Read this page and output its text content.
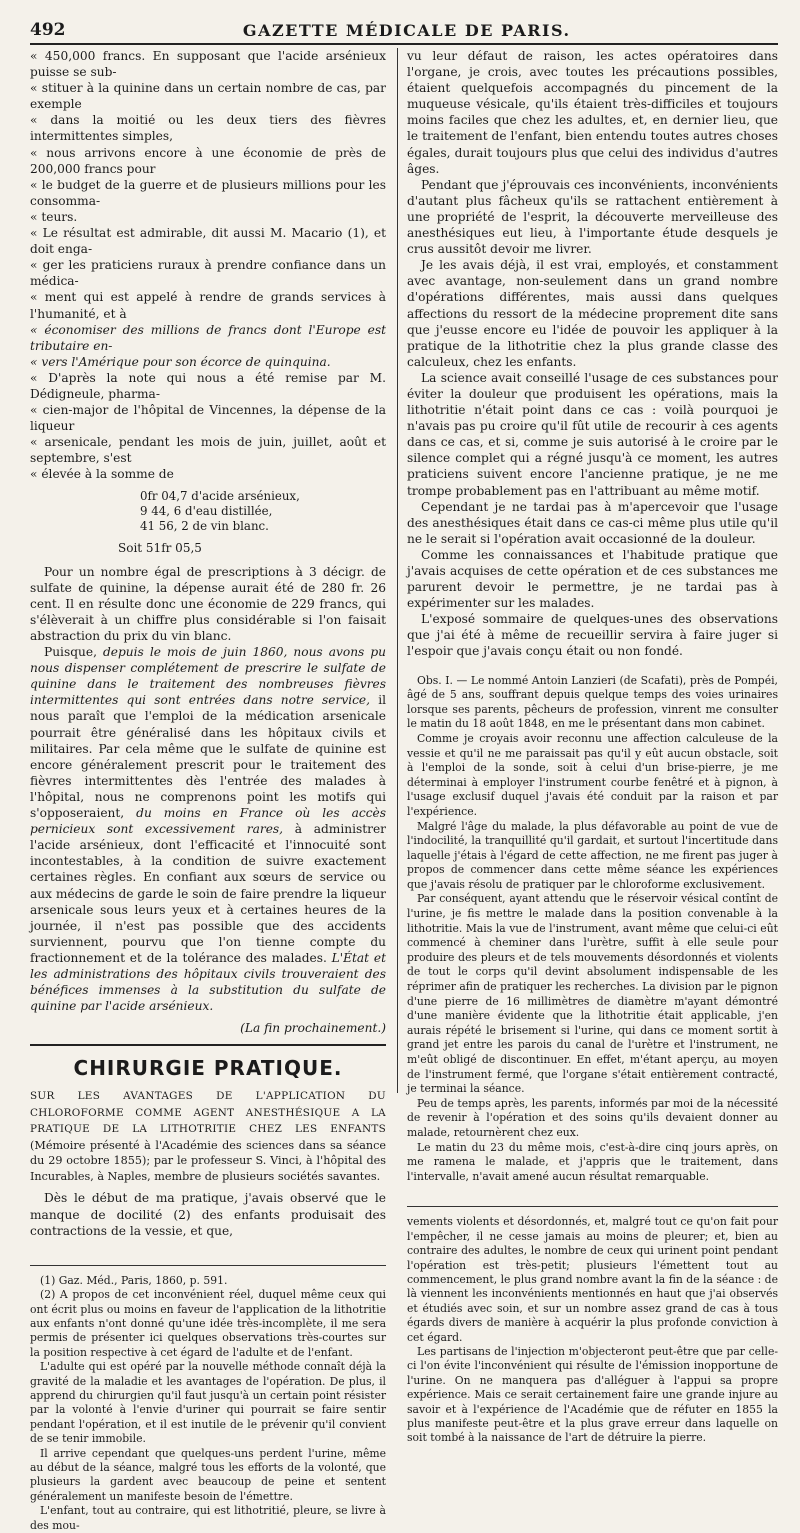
492	GAZETTE MÉDICALE DE PARIS.

« 450,000 francs. En supposant que l'acide arsénieux puisse se sub-

« stituer à la quinine dans un certain nombre de cas, par exemple

« dans la moitié ou les deux tiers des fièvres intermittentes simples,

« nous arrivons encore à une économie de près de 200,000 francs pour

« le budget de la guerre et de plusieurs millions pour les consomma-

« teurs.

« Le résultat est admirable, dit aussi M. Macario (1), et doit enga-

« ger les praticiens ruraux à prendre confiance dans un médica-

« ment qui est appelé à rendre de grands services à l'humanité, et à

« économiser des millions de francs dont l'Europe est tributaire en-

« vers l'Amérique pour son écorce de quinquina.

« D'après la note qui nous a été remise par M. Dédigneule, pharma-

« cien-major de l'hôpital de Vincennes, la dépense de la liqueur

« arsenicale, pendant les mois de juin, juillet, août et septembre, s'est

« élevée à la somme de

0fr 04,7 d'acide arsénieux,
9 44, 6 d'eau distillée,
41 56, 2 de vin blanc.
Soit 51fr 05,5

Pour un nombre égal de prescriptions à 3 décigr. de sulfate de quinine, la dépense aurait été de 280 fr. 26 cent. Il en résulte donc une économie de 229 francs, qui s'élèverait à un chiffre plus considérable si l'on faisait abstraction du prix du vin blanc.

Puisque, depuis le mois de juin 1860, nous avons pu nous dispenser complétement de prescrire le sulfate de quinine dans le traitement des nombreuses fièvres intermittentes qui sont entrées dans notre service, il nous paraît que l'emploi de la médication arsenicale pourrait être généralisé dans les hôpitaux civils et militaires. Par cela même que le sulfate de quinine est encore généralement prescrit pour le traitement des fièvres intermittentes dès l'entrée des malades à l'hôpital, nous ne comprenons point les motifs qui s'opposeraient, du moins en France où les accès pernicieux sont excessivement rares, à administrer l'acide arsénieux, dont l'efficacité et l'innocuité sont incontestables, à la condition de suivre exactement certaines règles. En confiant aux sœurs de service ou aux médecins de garde le soin de faire prendre la liqueur arsenicale sous leurs yeux et à certaines heures de la journée, il n'est pas possible que des accidents surviennent, pourvu que l'on tienne compte du fractionnement et de la tolérance des malades. L'État et les administrations des hôpitaux civils trouveraient des bénéfices immenses à la substitution du sulfate de quinine par l'acide arsénieux.

(La fin prochainement.)
CHIRURGIE PRATIQUE.
SUR LES AVANTAGES DE L'APPLICATION DU CHLOROFORME COMME AGENT ANESTHÉSIQUE A LA PRATIQUE DE LA LITHOTRITIE CHEZ LES ENFANTS (Mémoire présenté à l'Académie des sciences dans sa séance du 29 octobre 1855); par le professeur S. Vinci, à l'hôpital des Incurables, à Naples, membre de plusieurs sociétés savantes.

Dès le début de ma pratique, j'avais observé que le manque de docilité (2) des enfants produisait des contractions de la vessie, et que,

(1) Gaz. Méd., Paris, 1860, p. 591.

(2) A propos de cet inconvénient réel, duquel même ceux qui ont écrit plus ou moins en faveur de l'application de la lithotritie aux enfants n'ont donné qu'une idée très-incomplète, il me sera permis de présenter ici quelques observations très-courtes sur la position respective à cet égard de l'adulte et de l'enfant.

L'adulte qui est opéré par la nouvelle méthode connaît déjà la gravité de la maladie et les avantages de l'opération. De plus, il apprend du chirurgien qu'il faut jusqu'à un certain point résister par la volonté à l'envie d'uriner qui pourrait se faire sentir pendant l'opération, et il est inutile de le prévenir qu'il convient de se tenir immobile.

Il arrive cependant que quelques-uns perdent l'urine, même au début de la séance, malgré tous les efforts de la volonté, que plusieurs la gardent avec beaucoup de peine et sentent généralement un manifeste besoin de l'émettre.

L'enfant, tout au contraire, qui est lithotritié, pleure, se livre à des mou-

vu leur défaut de raison, les actes opératoires dans l'organe, je crois, avec toutes les précautions possibles, étaient quelquefois accompagnés du pincement de la muqueuse vésicale, qu'ils étaient très-difficiles et toujours moins faciles que chez les adultes, et, en dernier lieu, que le traitement de l'enfant, bien entendu toutes autres choses égales, durait toujours plus que celui des individus d'autres âges.

Pendant que j'éprouvais ces inconvénients, inconvénients d'autant plus fâcheux qu'ils se rattachent entièrement à une propriété de l'esprit, la découverte merveilleuse des anesthésiques eut lieu, à l'importante étude desquels je crus aussitôt devoir me livrer.

Je les avais déjà, il est vrai, employés, et constamment avec avantage, non-seulement dans un grand nombre d'opérations différentes, mais aussi dans quelques affections du ressort de la médecine proprement dite sans que j'eusse encore eu l'idée de pouvoir les appliquer à la pratique de la lithotritie chez la plus grande classe des calculeux, chez les enfants.

La science avait conseillé l'usage de ces substances pour éviter la douleur que produisent les opérations, mais la lithotritie n'était point dans ce cas : voilà pourquoi je n'avais pas pu croire qu'il fût utile de recourir à ces agents dans ce cas, et si, comme je suis autorisé à le croire par le silence complet qui a régné jusqu'à ce moment, les autres praticiens suivent encore l'ancienne pratique, je ne me trompe probablement pas en l'attribuant au même motif.

Cependant je ne tardai pas à m'apercevoir que l'usage des anesthésiques était dans ce cas-ci même plus utile qu'il ne le serait si l'opération avait occasionné de la douleur.

Comme les connaissances et l'habitude pratique que j'avais acquises de cette opération et de ces substances me parurent devoir le permettre, je ne tardai pas à expérimenter sur les malades.

L'exposé sommaire de quelques-unes des observations que j'ai été à même de recueillir servira à faire juger si l'espoir que j'avais conçu était ou non fondé.

Obs. I. — Le nommé Antoin Lanzieri (de Scafati), près de Pompéi, âgé de 5 ans, souffrant depuis quelque temps des voies urinaires lorsque ses parents, pêcheurs de profession, vinrent me consulter le matin du 18 août 1848, en me le présentant dans mon cabinet.

Comme je croyais avoir reconnu une affection calculeuse de la vessie et qu'il ne me paraissait pas qu'il y eût aucun obstacle, soit à l'emploi de la sonde, soit à celui d'un brise-pierre, je me déterminai à employer l'instrument courbe fenêtré et à pignon, à l'usage exclusif duquel j'avais été conduit par la raison et par l'expérience.

Malgré l'âge du malade, la plus défavorable au point de vue de l'indocilité, la tranquillité qu'il gardait, et surtout l'incertitude dans laquelle j'étais à l'égard de cette affection, ne me firent pas juger à propos de commencer dans cette même séance les expériences que j'avais résolu de pratiquer par le chloroforme exclusivement.

Par conséquent, ayant attendu que le réservoir vésical contînt de l'urine, je fis mettre le malade dans la position convenable à la lithotritie. Mais la vue de l'instrument, avant même que celui-ci eût commencé à cheminer dans l'urètre, suffit à elle seule pour produire des pleurs et de tels mouvements désordonnés et violents de tout le corps qu'il devint absolument indispensable de les réprimer afin de pratiquer les recherches. La division par le pignon d'une pierre de 16 millimètres de diamètre m'ayant démontré d'une manière évidente que la lithotritie était applicable, j'en aurais répété le brisement si l'urine, qui dans ce moment sortit à grand jet entre les parois du canal de l'urètre et l'instrument, ne m'eût obligé de discontinuer. En effet, m'étant aperçu, au moyen de l'instrument fermé, que l'organe s'était entièrement contracté, je terminai la séance.

Peu de temps après, les parents, informés par moi de la nécessité de revenir à l'opération et des soins qu'ils devaient donner au malade, retournèrent chez eux.

Le matin du 23 du même mois, c'est-à-dire cinq jours après, on me ramena le malade, et j'appris que le traitement, dans l'intervalle, n'avait amené aucun résultat remarquable.

vements violents et désordonnés, et, malgré tout ce qu'on fait pour l'empêcher, il ne cesse jamais au moins de pleurer; et, bien au contraire des adultes, le nombre de ceux qui urinent point pendant l'opération est très-petit; plusieurs l'émettent tout au commencement, le plus grand nombre avant la fin de la séance : de là viennent les inconvénients mentionnés en haut que j'ai observés et étudiés avec soin, et sur un nombre assez grand de cas à tous égards divers de manière à acquérir la plus profonde conviction à cet égard.

Les partisans de l'injection m'objecteront peut-être que par celle-ci l'on évite l'inconvénient qui résulte de l'émission inopportune de l'urine. On ne manquera pas d'alléguer à l'appui sa propre expérience. Mais ce serait certainement faire une grande injure au savoir et à l'expérience de l'Académie que de réfuter en 1855 la plus manifeste peut-être et la plus grave erreur dans laquelle on soit tombé à la naissance de l'art de détruire la pierre.
